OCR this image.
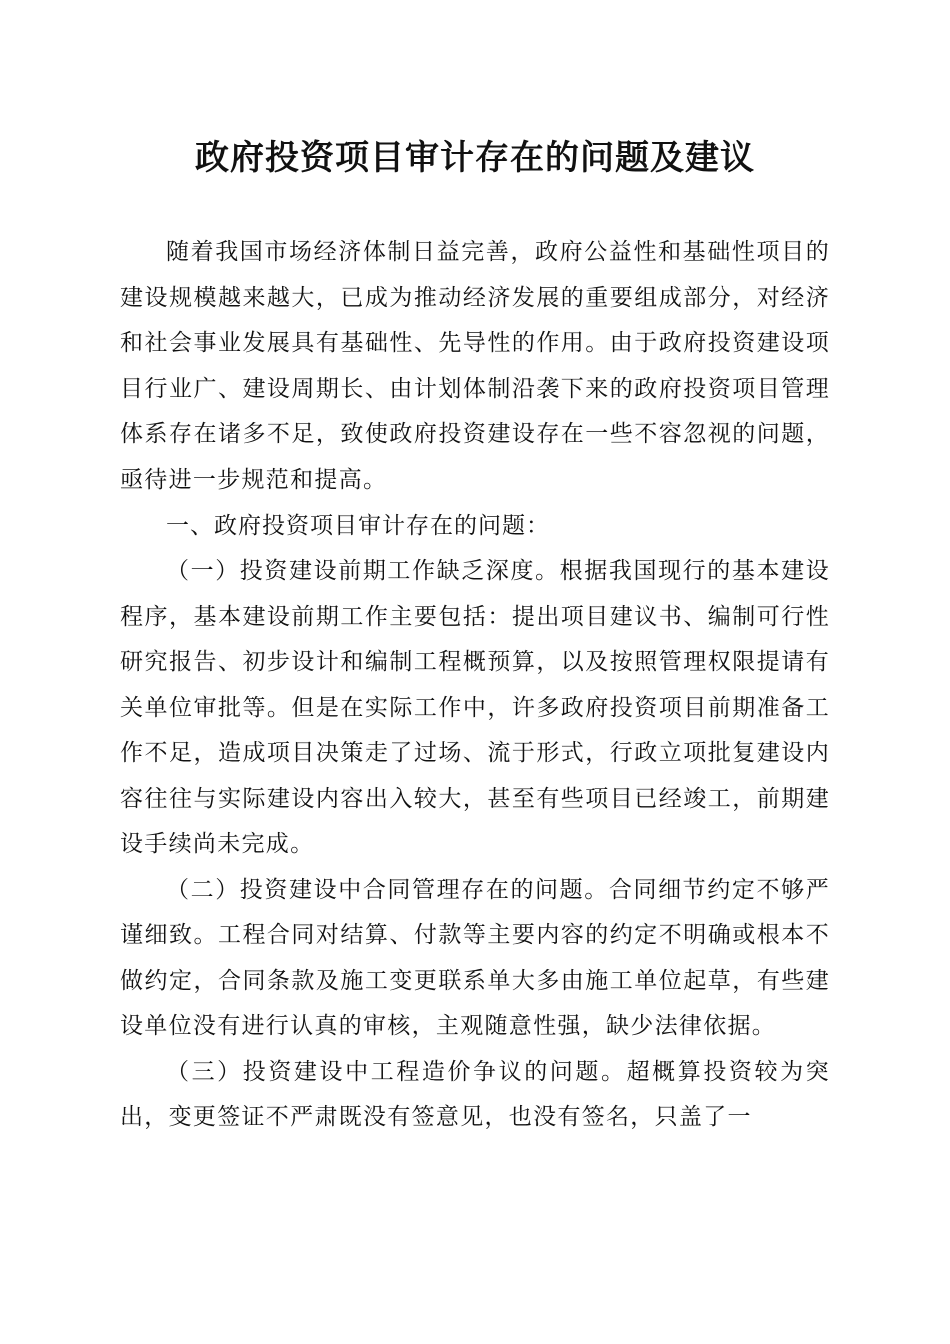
政府投资项目审计存在的问题及建议

随着我国市场经济体制日益完善，政府公益性和基础性项目的建设规模越来越大，已成为推动经济发展的重要组成部分，对经济和社会事业发展具有基础性、先导性的作用。由于政府投资建设项目行业广、建设周期长、由计划体制沿袭下来的政府投资项目管理体系存在诸多不足，致使政府投资建设存在一些不容忽视的问题，亟待进一步规范和提高。

一、政府投资项目审计存在的问题：

（一）投资建设前期工作缺乏深度。根据我国现行的基本建设程序，基本建设前期工作主要包括：提出项目建议书、编制可行性研究报告、初步设计和编制工程概预算，以及按照管理权限提请有关单位审批等。但是在实际工作中，许多政府投资项目前期准备工作不足，造成项目决策走了过场、流于形式，行政立项批复建设内容往往与实际建设内容出入较大，甚至有些项目已经竣工，前期建设手续尚未完成。

（二）投资建设中合同管理存在的问题。合同细节约定不够严谨细致。工程合同对结算、付款等主要内容的约定不明确或根本不做约定，合同条款及施工变更联系单大多由施工单位起草，有些建设单位没有进行认真的审核，主观随意性强，缺少法律依据。

（三）投资建设中工程造价争议的问题。超概算投资较为突出，变更签证不严肃既没有签意见，也没有签名，只盖了一
